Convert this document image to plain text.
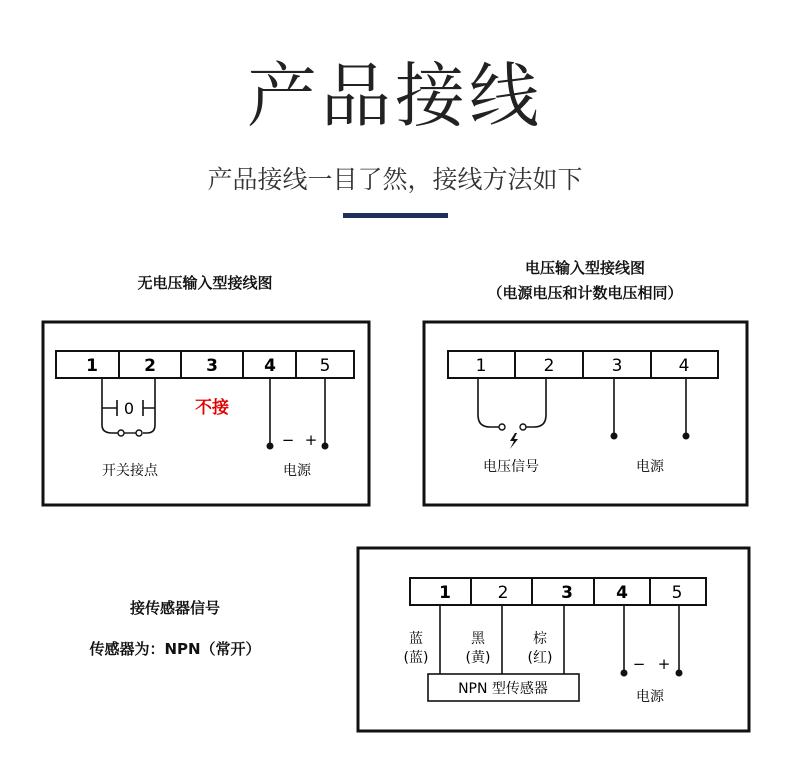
产品接线
产品接线一目了然，接线方法如下
无电压输入型接线图
电压输入型接线图
（电源电压和计数电压相同）
接传感器信号
传感器为：NPN（常开）
1	2	3	4	5
0
开关接点
不接
− +
电源
1	2	3	4
电压信号	电源
1	2	3	4	5
蓝
(蓝)
黑
(黄)
棕
(红)
NPN 型传感器
− +
电源
